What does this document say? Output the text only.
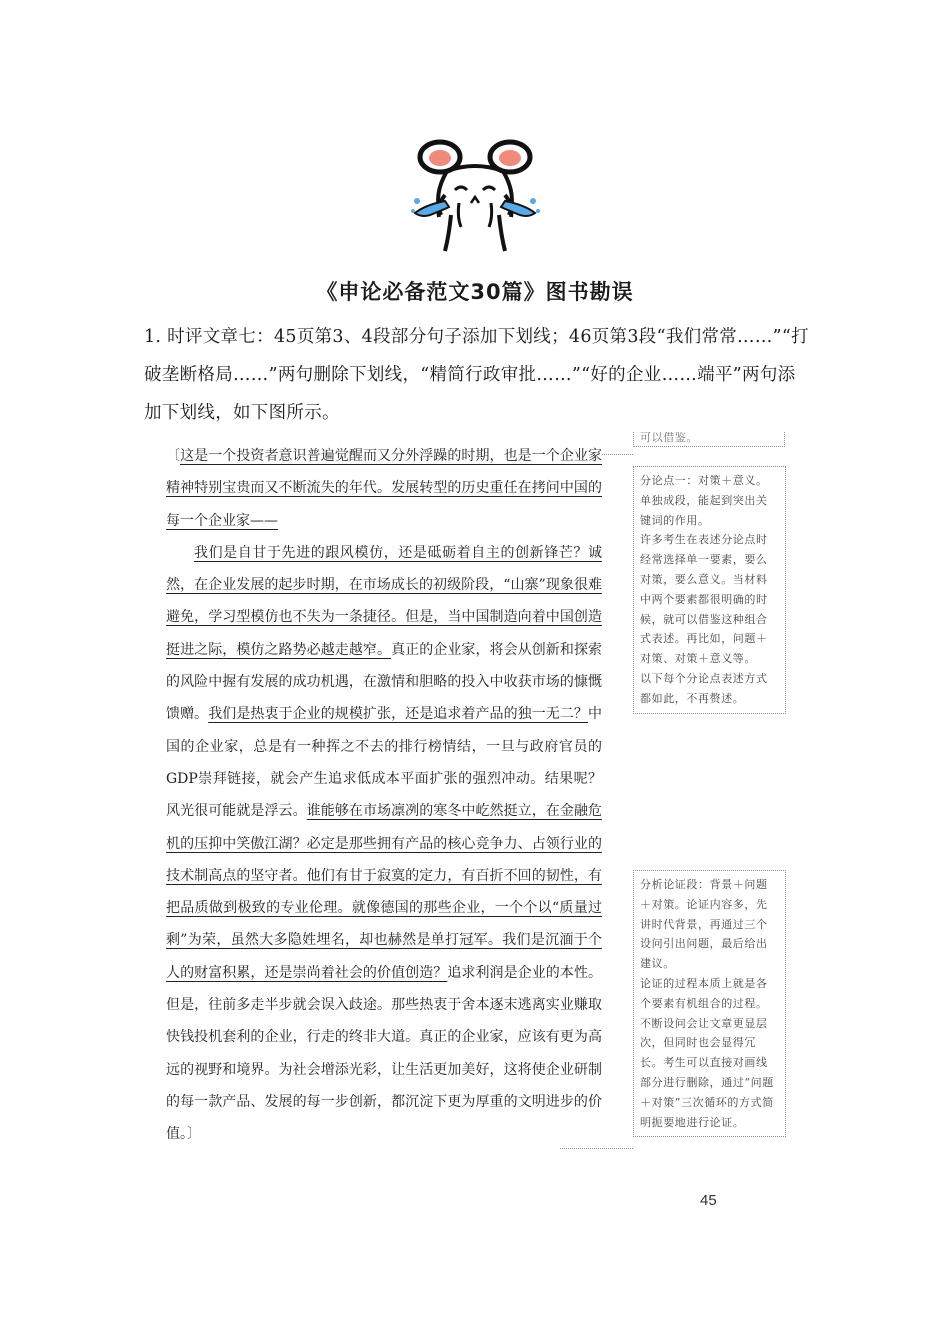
《申论必备范文30篇》图书勘误
1. 时评文章七：45页第3、4段部分句子添加下划线；46页第3段“我们常常……”“打破垄断格局……”两句删除下划线，“精简行政审批……”“好的企业……端平”两句添加下划线，如下图所示。

〔这是一个投资者意识普遍觉醒而又分外浮躁的时期，也是一个企业家精神特别宝贵而又不断流失的年代。发展转型的历史重任在拷问中国的每一个企业家——

我们是自甘于先进的跟风模仿，还是砥砺着自主的创新锋芒？诚然，在企业发展的起步时期，在市场成长的初级阶段，“山寨”现象很难避免，学习型模仿也不失为一条捷径。但是，当中国制造向着中国创造挺进之际，模仿之路势必越走越窄。真正的企业家，将会从创新和探索的风险中握有发展的成功机遇，在激情和胆略的投入中收获市场的慷慨馈赠。我们是热衷于企业的规模扩张，还是追求着产品的独一无二？中国的企业家，总是有一种挥之不去的排行榜情结，一旦与政府官员的GDP崇拜链接，就会产生追求低成本平面扩张的强烈冲动。结果呢？风光很可能就是浮云。谁能够在市场凛冽的寒冬中屹然挺立，在金融危机的压抑中笑傲江湖？必定是那些拥有产品的核心竞争力、占领行业的技术制高点的坚守者。他们有甘于寂寞的定力，有百折不回的韧性，有把品质做到极致的专业伦理。就像德国的那些企业，一个个以“质量过剩”为荣，虽然大多隐姓埋名，却也赫然是单打冠军。我们是沉湎于个人的财富积累，还是崇尚着社会的价值创造？追求利润是企业的本性。但是，往前多走半步就会误入歧途。那些热衷于舍本逐末逃离实业赚取快钱投机套利的企业，行走的终非大道。真正的企业家，应该有更为高远的视野和境界。为社会增添光彩，让生活更加美好，这将使企业研制的每一款产品、发展的每一步创新，都沉淀下更为厚重的文明进步的价值。〕

可以借鉴。

分论点一：对策＋意义。单独成段，能起到突出关键词的作用。

许多考生在表述分论点时经常选择单一要素，要么对策，要么意义。当材料中两个要素都很明确的时候，就可以借鉴这种组合式表述。再比如，问题＋对策、对策＋意义等。

以下每个分论点表述方式都如此，不再赘述。

分析论证段：背景＋问题＋对策。论证内容多，先讲时代背景，再通过三个设问引出问题，最后给出建议。

论证的过程本质上就是各个要素有机组合的过程。

不断设问会让文章更显层次，但同时也会显得冗长。考生可以直接对画线部分进行删除，通过“问题＋对策”三次循环的方式简明扼要地进行论证。

45
